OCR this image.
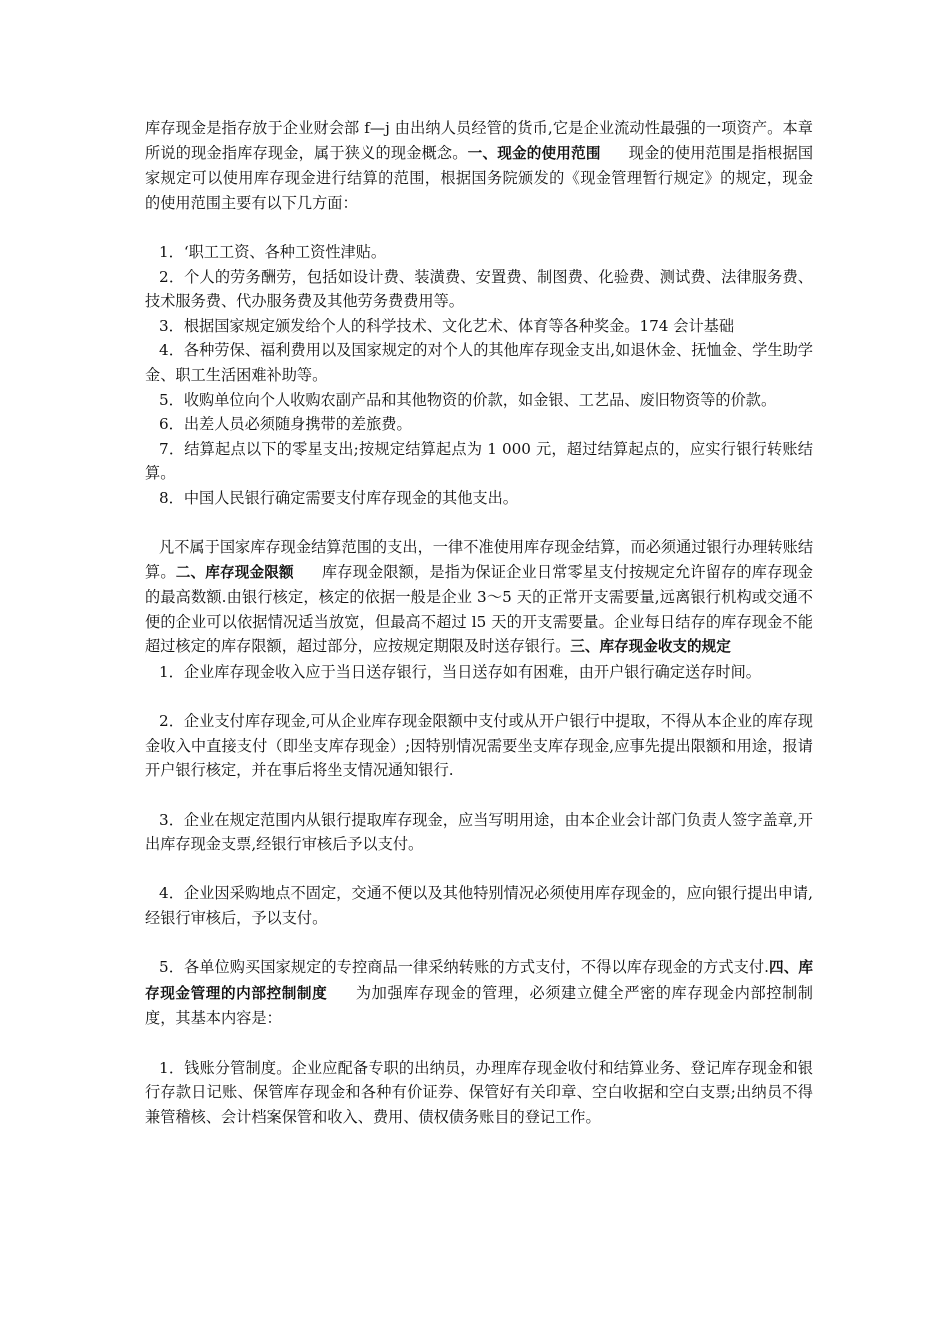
库存现金是指存放于企业财会部 f—j 由出纳人员经管的货币,它是企业流动性最强的一项资产。本章所说的现金指库存现金，属于狭义的现金概念。一、现金的使用范围 现金的使用范围是指根据国家规定可以使用库存现金进行结算的范围，根据国务院颁发的《现金管理暂行规定》的规定，现金的使用范围主要有以下几方面：

1．‘职工工资、各种工资性津贴。

2．个人的劳务酬劳，包括如设计费、装潢费、安置费、制图费、化验费、测试费、法律服务费、技术服务费、代办服务费及其他劳务费费用等。

3．根据国家规定颁发给个人的科学技术、文化艺术、体育等各种奖金。174 会计基础

4．各种劳保、福利费用以及国家规定的对个人的其他库存现金支出,如退休金、抚恤金、学生助学金、职工生活困难补助等。

5．收购单位向个人收购农副产品和其他物资的价款，如金银、工艺品、废旧物资等的价款。

6．出差人员必须随身携带的差旅费。

7．结算起点以下的零星支出;按规定结算起点为 1 000 元，超过结算起点的，应实行银行转账结算。

8．中国人民银行确定需要支付库存现金的其他支出。

凡不属于国家库存现金结算范围的支出，一律不准使用库存现金结算，而必须通过银行办理转账结算。二、库存现金限额 库存现金限额，是指为保证企业日常零星支付按规定允许留存的库存现金的最高数额.由银行核定，核定的依据一般是企业 3～5 天的正常开支需要量,远离银行机构或交通不便的企业可以依据情况适当放宽，但最高不超过 l5 天的开支需要量。企业每日结存的库存现金不能超过核定的库存限额，超过部分，应按规定期限及时送存银行。三、库存现金收支的规定

1．企业库存现金收入应于当日送存银行，当日送存如有困难，由开户银行确定送存时间。

2．企业支付库存现金,可从企业库存现金限额中支付或从开户银行中提取，不得从本企业的库存现金收入中直接支付（即坐支库存现金）;因特别情况需要坐支库存现金,应事先提出限额和用途，报请开户银行核定，并在事后将坐支情况通知银行.

3．企业在规定范围内从银行提取库存现金，应当写明用途，由本企业会计部门负责人签字盖章,开出库存现金支票,经银行审核后予以支付。

4．企业因采购地点不固定，交通不便以及其他特别情况必须使用库存现金的，应向银行提出申请,经银行审核后，予以支付。

5．各单位购买国家规定的专控商品一律采纳转账的方式支付，不得以库存现金的方式支付.四、库存现金管理的内部控制制度 为加强库存现金的管理，必须建立健全严密的库存现金内部控制制度，其基本内容是：

1．钱账分管制度。企业应配备专职的出纳员，办理库存现金收付和结算业务、登记库存现金和银行存款日记账、保管库存现金和各种有价证券、保管好有关印章、空白收据和空白支票;出纳员不得兼管稽核、会计档案保管和收入、费用、债权债务账目的登记工作。
